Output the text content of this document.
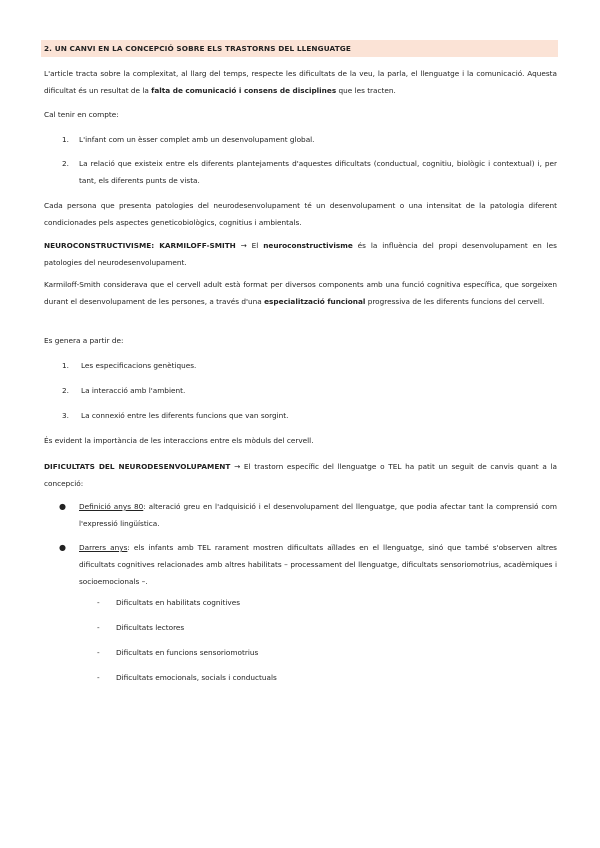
2. UN CANVI EN LA CONCEPCIÓ SOBRE ELS TRASTORNS DEL LLENGUATGE

L'article tracta sobre la complexitat, al llarg del temps, respecte les dificultats de la veu, la parla, el llenguatge i la comunicació. Aquesta dificultat és un resultat de la falta de comunicació i consens de disciplines que les tracten.

Cal tenir en compte:

1. L'infant com un èsser complet amb un desenvolupament global.

2. La relació que existeix entre els diferents plantejaments d'aquestes dificultats (conductual, cognitiu, biològic i contextual) i, per tant, els diferents punts de vista.

Cada persona que presenta patologies del neurodesenvolupament té un desenvolupament o una intensitat de la patologia diferent condicionades pels aspectes geneticobiològics, cognitius i ambientals.

NEUROCONSTRUCTIVISME: KARMILOFF-SMITH → El neuroconstructivisme és la influència del propi desenvolupament en les patologies del neurodesenvolupament.

Karmiloff-Smith considerava que el cervell adult està format per diversos components amb una funció cognitiva específica, que sorgeixen durant el desenvolupament de les persones, a través d'una especialització funcional progressiva de les diferents funcions del cervell.

Es genera a partir de:

1. Les especificacions genètiques.

2. La interacció amb l'ambient.

3. La connexió entre les diferents funcions que van sorgint.

És evident la importància de les interaccions entre els mòduls del cervell.

DIFICULTATS DEL NEURODESENVOLUPAMENT → El trastorn específic del llenguatge o TEL ha patit un seguit de canvis quant a la concepció:

● Definició anys 80: alteració greu en l'adquisició i el desenvolupament del llenguatge, que podia afectar tant la comprensió com l'expressió lingüística.

● Darrers anys: els infants amb TEL rarament mostren dificultats aïllades en el llenguatge, sinó que també s'observen altres dificultats cognitives relacionades amb altres habilitats – processament del llenguatge, dificultats sensoriomotrius, acadèmiques i socioemocionals –.

- Dificultats en habilitats cognitives

- Dificultats lectores

- Dificultats en funcions sensoriomotrius

- Dificultats emocionals, socials i conductuals
